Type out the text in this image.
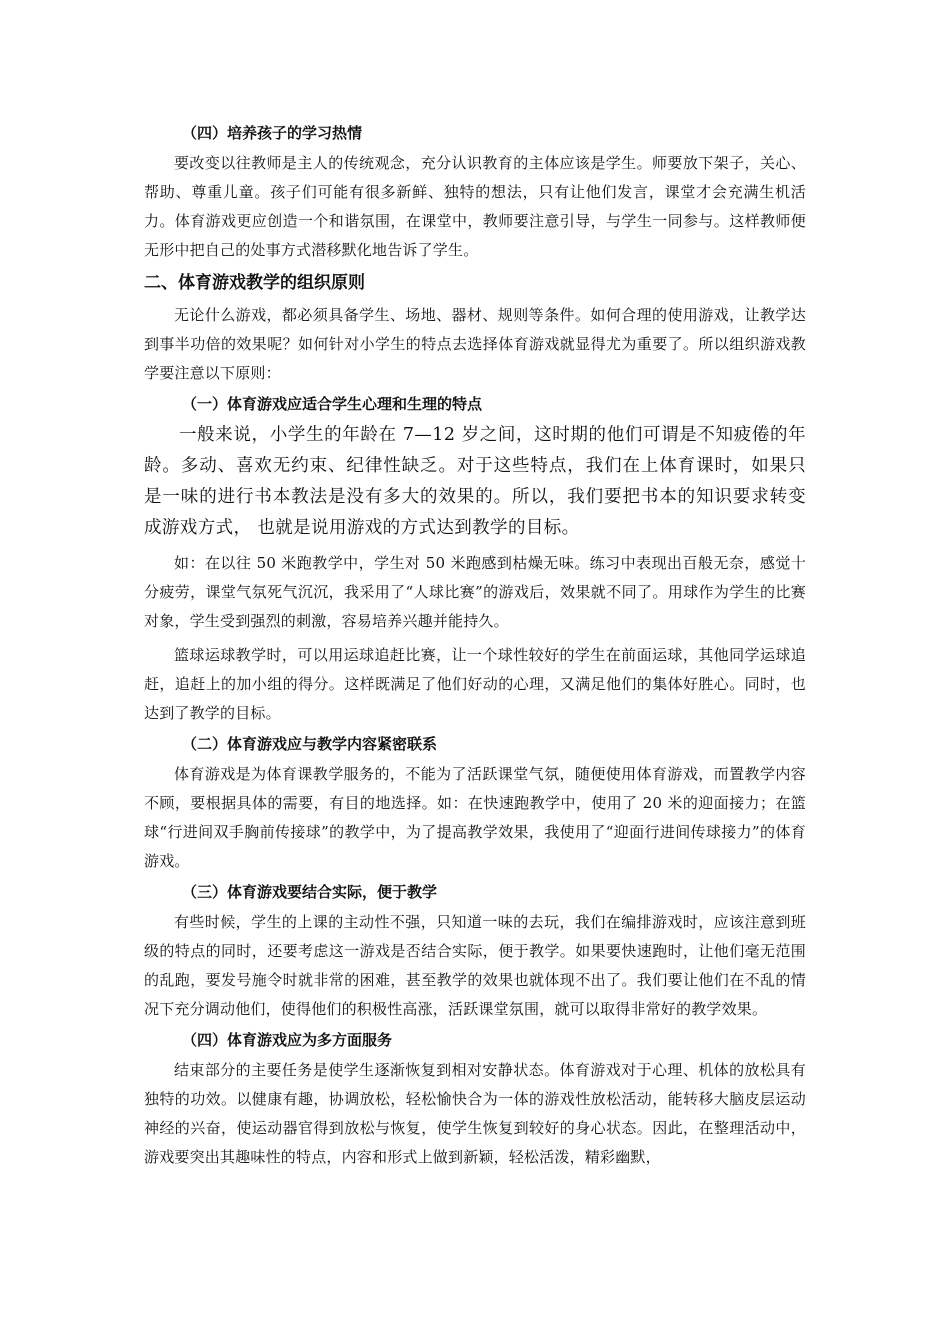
（四）培养孩子的学习热情

要改变以往教师是主人的传统观念，充分认识教育的主体应该是学生。师要放下架子，关心、帮助、尊重儿童。孩子们可能有很多新鲜、独特的想法，只有让他们发言，课堂才会充满生机活力。体育游戏更应创造一个和谐氛围，在课堂中，教师要注意引导，与学生一同参与。这样教师便无形中把自己的处事方式潜移默化地告诉了学生。

二、体育游戏教学的组织原则

无论什么游戏，都必须具备学生、场地、器材、规则等条件。如何合理的使用游戏，让教学达到事半功倍的效果呢？如何针对小学生的特点去选择体育游戏就显得尤为重要了。所以组织游戏教学要注意以下原则：

（一）体育游戏应适合学生心理和生理的特点

一般来说，小学生的年龄在 7—12 岁之间，这时期的他们可谓是不知疲倦的年龄。多动、喜欢无约束、纪律性缺乏。对于这些特点，我们在上体育课时，如果只是一味的进行书本教法是没有多大的效果的。所以，我们要把书本的知识要求转变成游戏方式， 也就是说用游戏的方式达到教学的目标。

如：在以往 50 米跑教学中，学生对 50 米跑感到枯燥无味。练习中表现出百般无奈，感觉十分疲劳，课堂气氛死气沉沉，我采用了“人球比赛”的游戏后，效果就不同了。用球作为学生的比赛对象，学生受到强烈的刺激，容易培养兴趣并能持久。

篮球运球教学时，可以用运球追赶比赛，让一个球性较好的学生在前面运球，其他同学运球追赶，追赶上的加小组的得分。这样既满足了他们好动的心理，又满足他们的集体好胜心。同时，也达到了教学的目标。

（二）体育游戏应与教学内容紧密联系

体育游戏是为体育课教学服务的，不能为了活跃课堂气氛，随便使用体育游戏，而置教学内容不顾，要根据具体的需要，有目的地选择。如：在快速跑教学中，使用了 20 米的迎面接力；在篮球“行进间双手胸前传接球”的教学中，为了提高教学效果，我使用了“迎面行进间传球接力”的体育游戏。

（三）体育游戏要结合实际，便于教学

有些时候，学生的上课的主动性不强，只知道一味的去玩，我们在编排游戏时，应该注意到班级的特点的同时，还要考虑这一游戏是否结合实际，便于教学。如果要快速跑时，让他们毫无范围的乱跑，要发号施令时就非常的困难，甚至教学的效果也就体现不出了。我们要让他们在不乱的情况下充分调动他们，使得他们的积极性高涨，活跃课堂氛围，就可以取得非常好的教学效果。

（四）体育游戏应为多方面服务

结束部分的主要任务是使学生逐渐恢复到相对安静状态。体育游戏对于心理、机体的放松具有独特的功效。以健康有趣，协调放松，轻松愉快合为一体的游戏性放松活动，能转移大脑皮层运动神经的兴奋，使运动器官得到放松与恢复，使学生恢复到较好的身心状态。因此，在整理活动中，游戏要突出其趣味性的特点，内容和形式上做到新颖，轻松活泼，精彩幽默，
